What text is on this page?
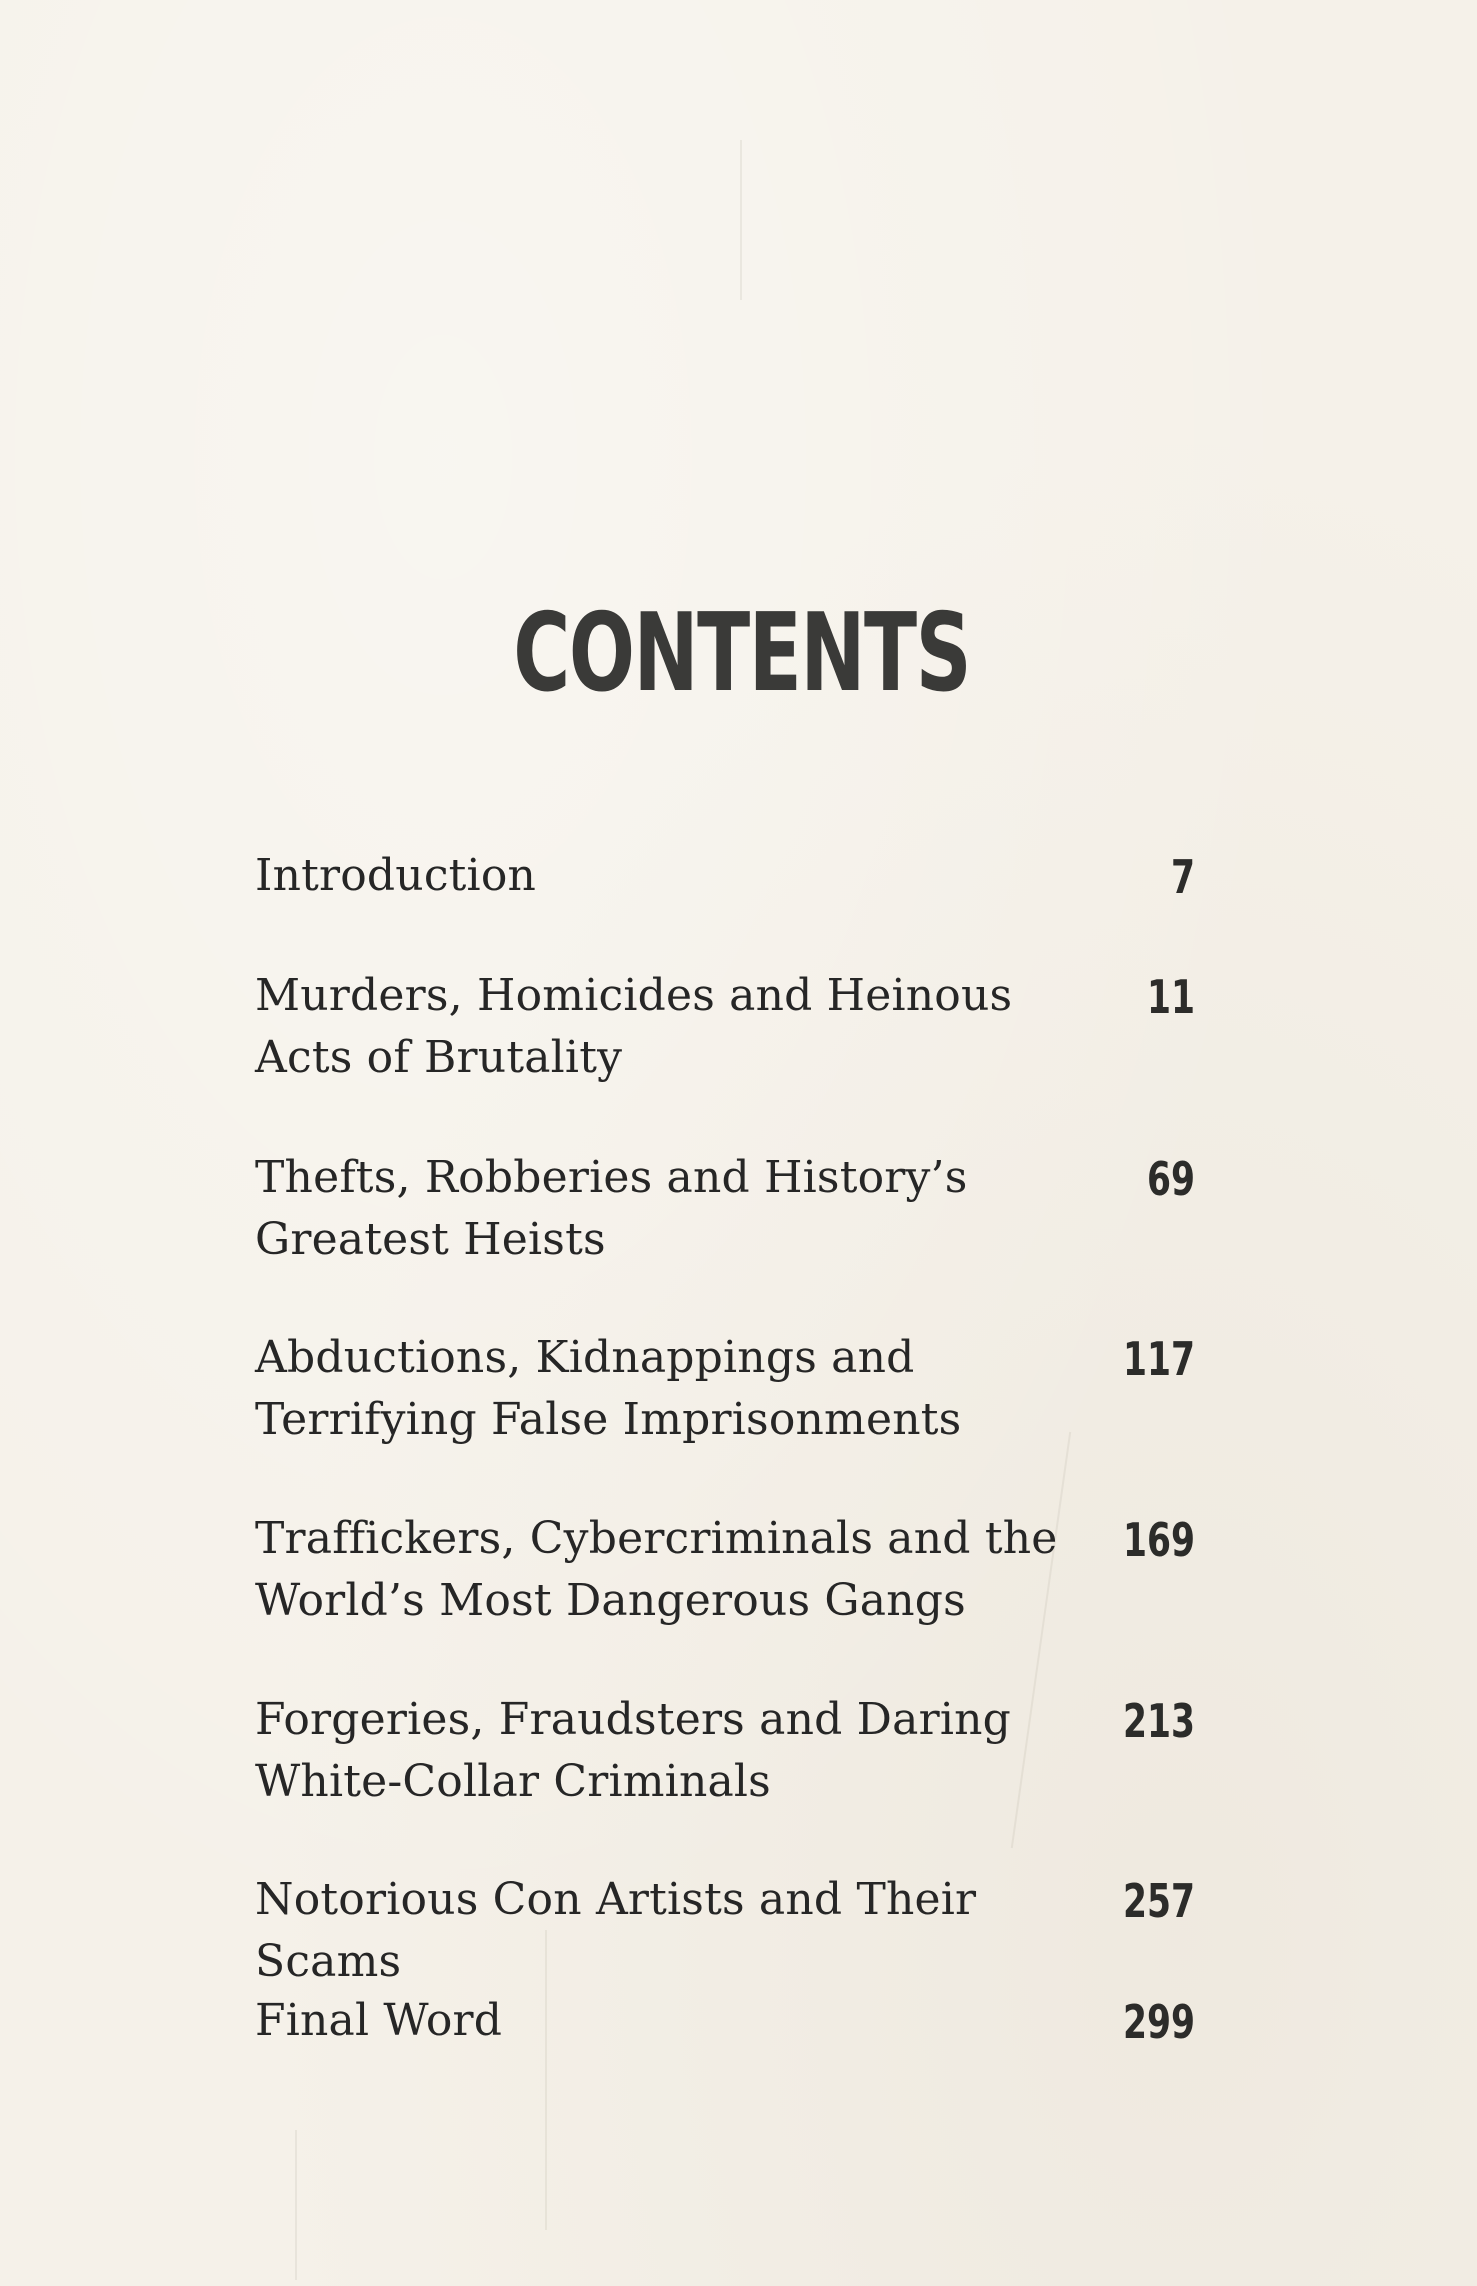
CONTENTS
Introduction	7
Murders, Homicides and Heinous Acts of Brutality
11
Thefts, Robberies and History’s Greatest Heists
69
Abductions, Kidnappings and Terrifying False Imprisonments
117
Traffickers, Cybercriminals and the World’s Most Dangerous Gangs
169
Forgeries, Fraudsters and Daring White-Collar Criminals
213
Notorious Con Artists and Their Scams
257
Final Word	299
